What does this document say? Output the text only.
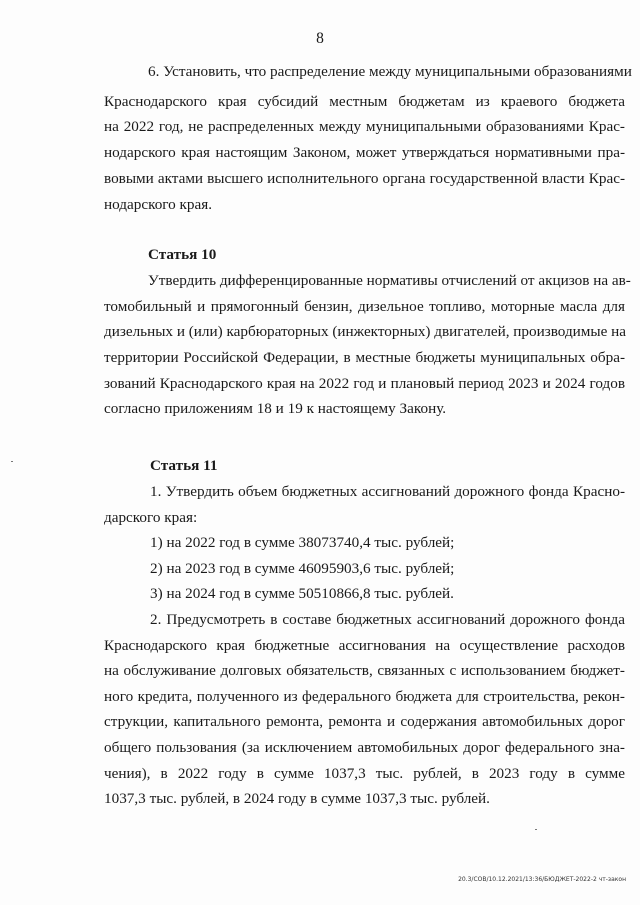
8
6. Установить, что распределение между муниципальными образованиями
Краснодарского края субсидий местным бюджетам из краевого бюджета
на 2022 год, не распределенных между муниципальными образованиями Крас-
нодарского края настоящим Законом, может утверждаться нормативными пра-
вовыми актами высшего исполнительного органа государственной власти Крас-
нодарского края.
Статья 10
Утвердить дифференцированные нормативы отчислений от акцизов на ав-
томобильный и прямогонный бензин, дизельное топливо, моторные масла для
дизельных и (или) карбюраторных (инжекторных) двигателей, производимые на
территории Российской Федерации, в местные бюджеты муниципальных обра-
зований Краснодарского края на 2022 год и плановый период 2023 и 2024 годов
согласно приложениям 18 и 19 к настоящему Закону.
Статья 11
1. Утвердить объем бюджетных ассигнований дорожного фонда Красно-
дарского края:
1) на 2022 год в сумме 38073740,4 тыс. рублей;
2) на 2023 год в сумме 46095903,6 тыс. рублей;
3) на 2024 год в сумме 50510866,8 тыс. рублей.
2. Предусмотреть в составе бюджетных ассигнований дорожного фонда
Краснодарского края бюджетные ассигнования на осуществление расходов
на обслуживание долговых обязательств, связанных с использованием бюджет-
ного кредита, полученного из федерального бюджета для строительства, рекон-
струкции, капитального ремонта, ремонта и содержания автомобильных дорог
общего пользования (за исключением автомобильных дорог федерального зна-
чения), в 2022 году в сумме 1037,3 тыс. рублей, в 2023 году в сумме
1037,3 тыс. рублей, в 2024 году в сумме 1037,3 тыс. рублей.
20.3/СОВ/10.12.2021/13:36/БЮДЖЕТ-2022-2 чт-закон
